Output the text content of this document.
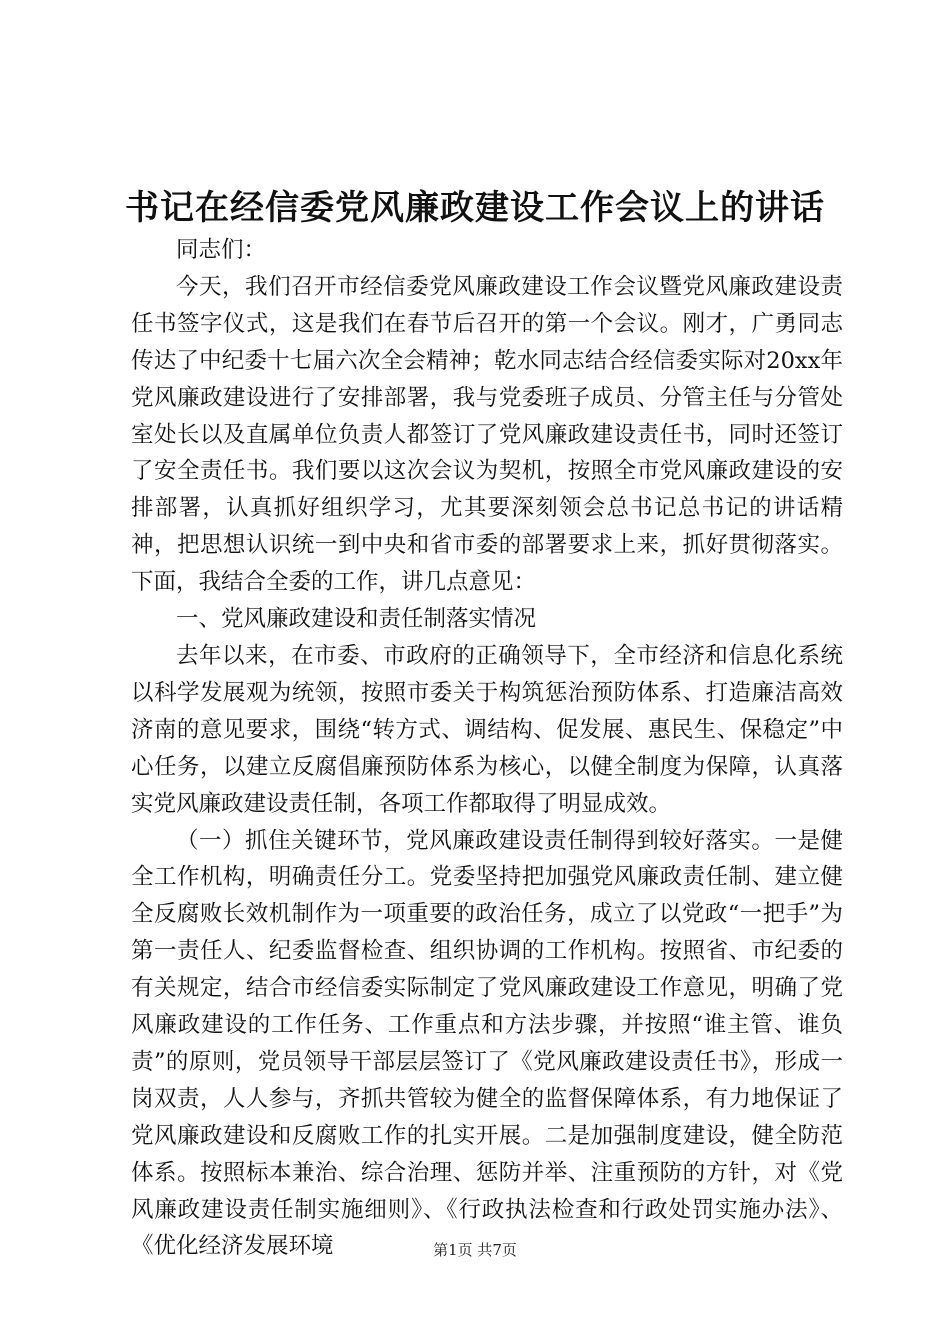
书记在经信委党风廉政建设工作会议上的讲话

同志们：

今天，我们召开市经信委党风廉政建设工作会议暨党风廉政建设责任书签字仪式，这是我们在春节后召开的第一个会议。刚才，广勇同志传达了中纪委十七届六次全会精神；乾水同志结合经信委实际对20xx年党风廉政建设进行了安排部署，我与党委班子成员、分管主任与分管处室处长以及直属单位负责人都签订了党风廉政建设责任书，同时还签订了安全责任书。我们要以这次会议为契机，按照全市党风廉政建设的安排部署，认真抓好组织学习，尤其要深刻领会总书记总书记的讲话精神，把思想认识统一到中央和省市委的部署要求上来，抓好贯彻落实。下面，我结合全委的工作，讲几点意见：

一、党风廉政建设和责任制落实情况

去年以来，在市委、市政府的正确领导下，全市经济和信息化系统以科学发展观为统领，按照市委关于构筑惩治预防体系、打造廉洁高效济南的意见要求，围绕“转方式、调结构、促发展、惠民生、保稳定”中心任务，以建立反腐倡廉预防体系为核心，以健全制度为保障，认真落实党风廉政建设责任制，各项工作都取得了明显成效。

（一）抓住关键环节，党风廉政建设责任制得到较好落实。一是健全工作机构，明确责任分工。党委坚持把加强党风廉政责任制、建立健全反腐败长效机制作为一项重要的政治任务，成立了以党政“一把手”为第一责任人、纪委监督检查、组织协调的工作机构。按照省、市纪委的有关规定，结合市经信委实际制定了党风廉政建设工作意见，明确了党风廉政建设的工作任务、工作重点和方法步骤，并按照“谁主管、谁负责”的原则，党员领导干部层层签订了《党风廉政建设责任书》，形成一岗双责，人人参与，齐抓共管较为健全的监督保障体系，有力地保证了党风廉政建设和反腐败工作的扎实开展。二是加强制度建设，健全防范体系。按照标本兼治、综合治理、惩防并举、注重预防的方针，对《党风廉政建设责任制实施细则》、《行政执法检查和行政处罚实施办法》、《优化经济发展环境	第1页 共7页
